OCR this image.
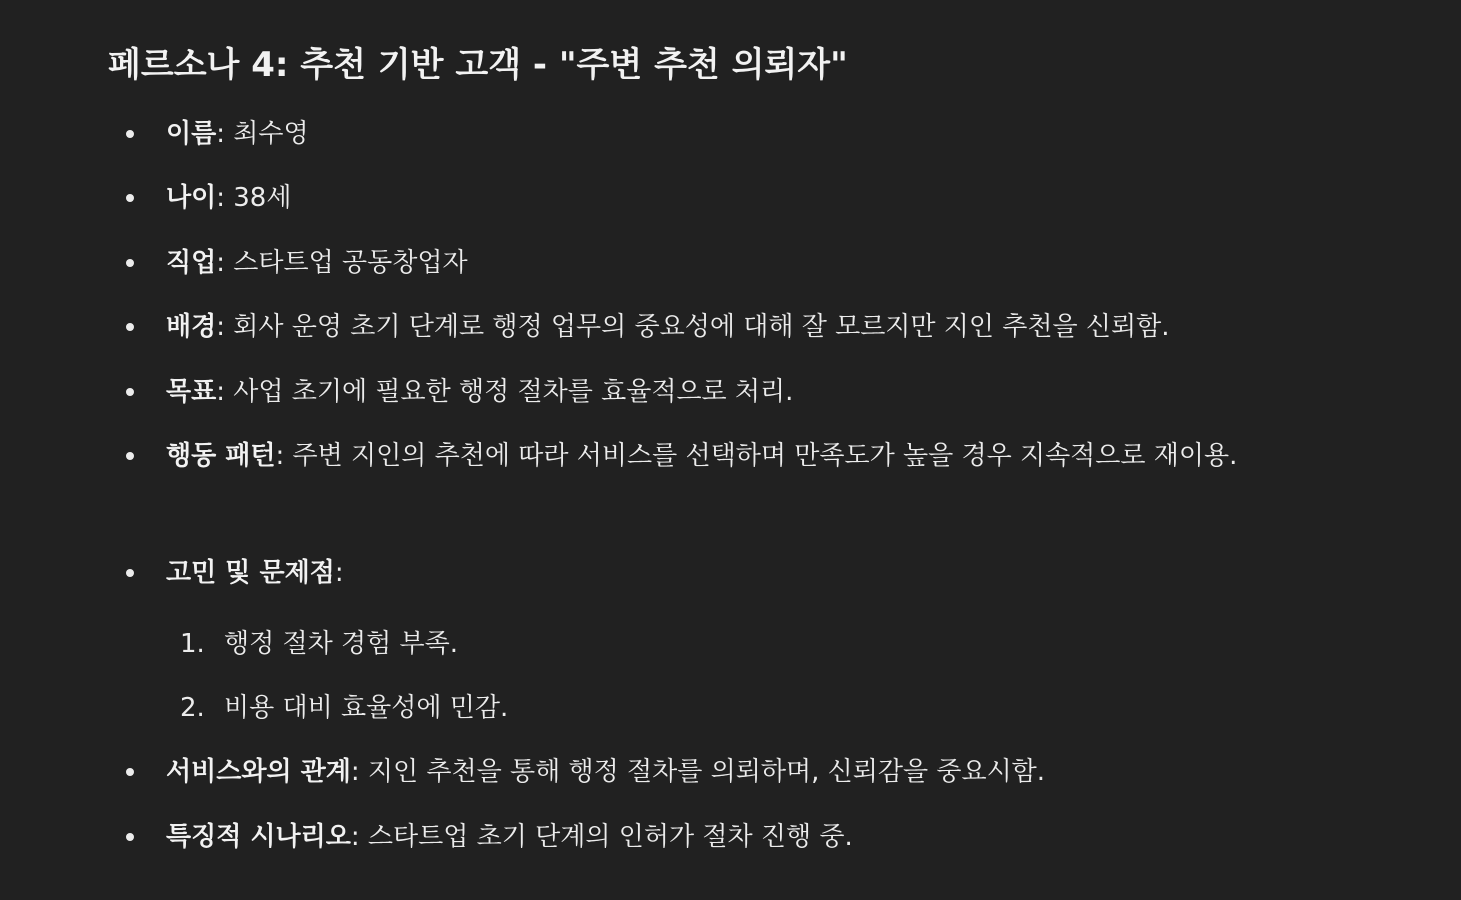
페르소나 4: 추천 기반 고객 - "주변 추천 의뢰자"
이름: 최수영
나이: 38세
직업: 스타트업 공동창업자
배경: 회사 운영 초기 단계로 행정 업무의 중요성에 대해 잘 모르지만 지인 추천을 신뢰함.
목표: 사업 초기에 필요한 행정 절차를 효율적으로 처리.
행동 패턴: 주변 지인의 추천에 따라 서비스를 선택하며 만족도가 높을 경우 지속적으로 재이용.
고민 및 문제점:
서비스와의 관계: 지인 추천을 통해 행정 절차를 의뢰하며, 신뢰감을 중요시함.
특징적 시나리오: 스타트업 초기 단계의 인허가 절차 진행 중.
1. 행정 절차 경험 부족.
2. 비용 대비 효율성에 민감.
